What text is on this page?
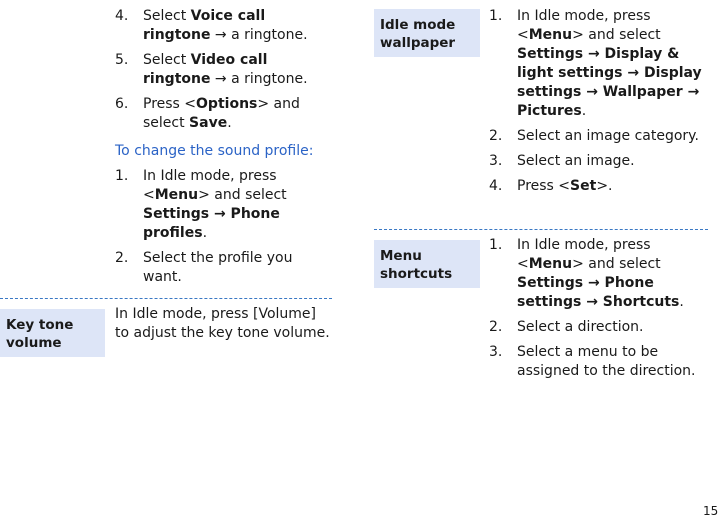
4. Select Voice call ringtone → a ringtone.
5. Select Video call ringtone → a ringtone.
6. Press <Options> and select Save.
To change the sound profile:
1. In Idle mode, press <Menu> and select Settings → Phone profiles.
2. Select the profile you want.
Key tone volume
In Idle mode, press [Volume] to adjust the key tone volume.
Idle mode wallpaper
1. In Idle mode, press <Menu> and select Settings → Display & light settings → Display settings → Wallpaper → Pictures.
2. Select an image category.
3. Select an image.
4. Press <Set>.
Menu shortcuts
1. In Idle mode, press <Menu> and select Settings → Phone settings → Shortcuts.
2. Select a direction.
3. Select a menu to be assigned to the direction.
15
